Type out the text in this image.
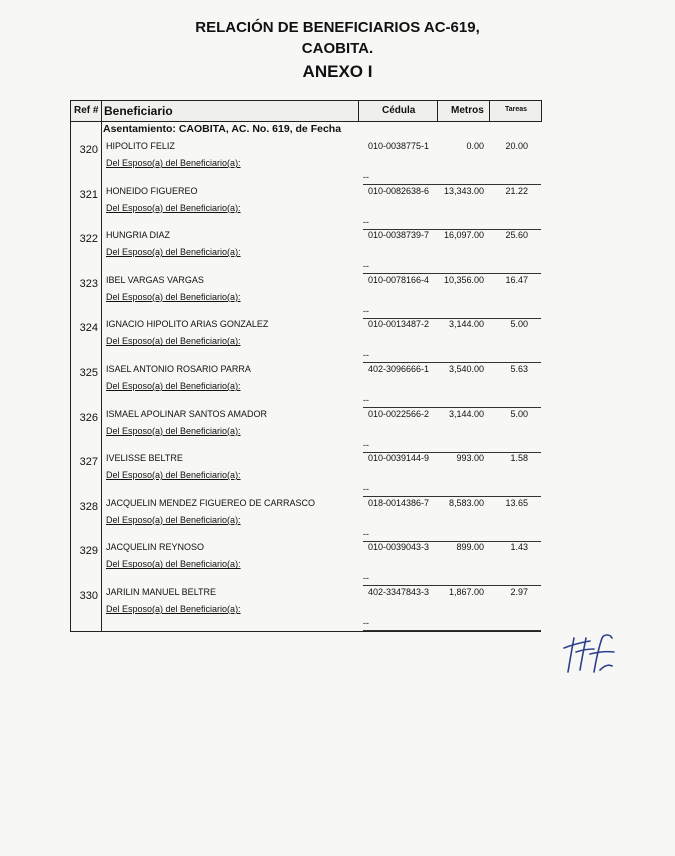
RELACIÓN DE BENEFICIARIOS AC-619,
CAOBITA.
ANEXO I
Ref # Beneficiario	Cédula	Metros	Tareas
Asentamiento: CAOBITA, AC. No. 619, de Fecha
320 HIPOLITO FELIZ
Del Esposo(a) del Beneficiario(a):
010-0038775-1	0.00	20.00
--
321 HONEIDO FIGUEREO
Del Esposo(a) del Beneficiario(a):
010-0082638-6	13,343.00	21.22
--
322 HUNGRIA DIAZ
Del Esposo(a) del Beneficiario(a):
010-0038739-7	16,097.00	25.60
--
323 IBEL VARGAS VARGAS
Del Esposo(a) del Beneficiario(a):
010-0078166-4	10,356.00	16.47
--
324 IGNACIO HIPOLITO ARIAS GONZALEZ
Del Esposo(a) del Beneficiario(a):
010-0013487-2	3,144.00	5.00
--
325 ISAEL ANTONIO ROSARIO PARRA
Del Esposo(a) del Beneficiario(a):
402-3096666-1	3,540.00	5.63
--
326 ISMAEL APOLINAR SANTOS AMADOR
Del Esposo(a) del Beneficiario(a):
010-0022566-2	3,144.00	5.00
--
327 IVELISSE BELTRE
Del Esposo(a) del Beneficiario(a):
010-0039144-9	993.00	1.58
--
328 JACQUELIN MENDEZ FIGUEREO DE CARRASCO
Del Esposo(a) del Beneficiario(a):
018-0014386-7	8,583.00	13.65
--
329 JACQUELIN REYNOSO
Del Esposo(a) del Beneficiario(a):
010-0039043-3	899.00	1.43
--
330 JARILIN MANUEL BELTRE
Del Esposo(a) del Beneficiario(a):
402-3347843-3	1,867.00	2.97
--
